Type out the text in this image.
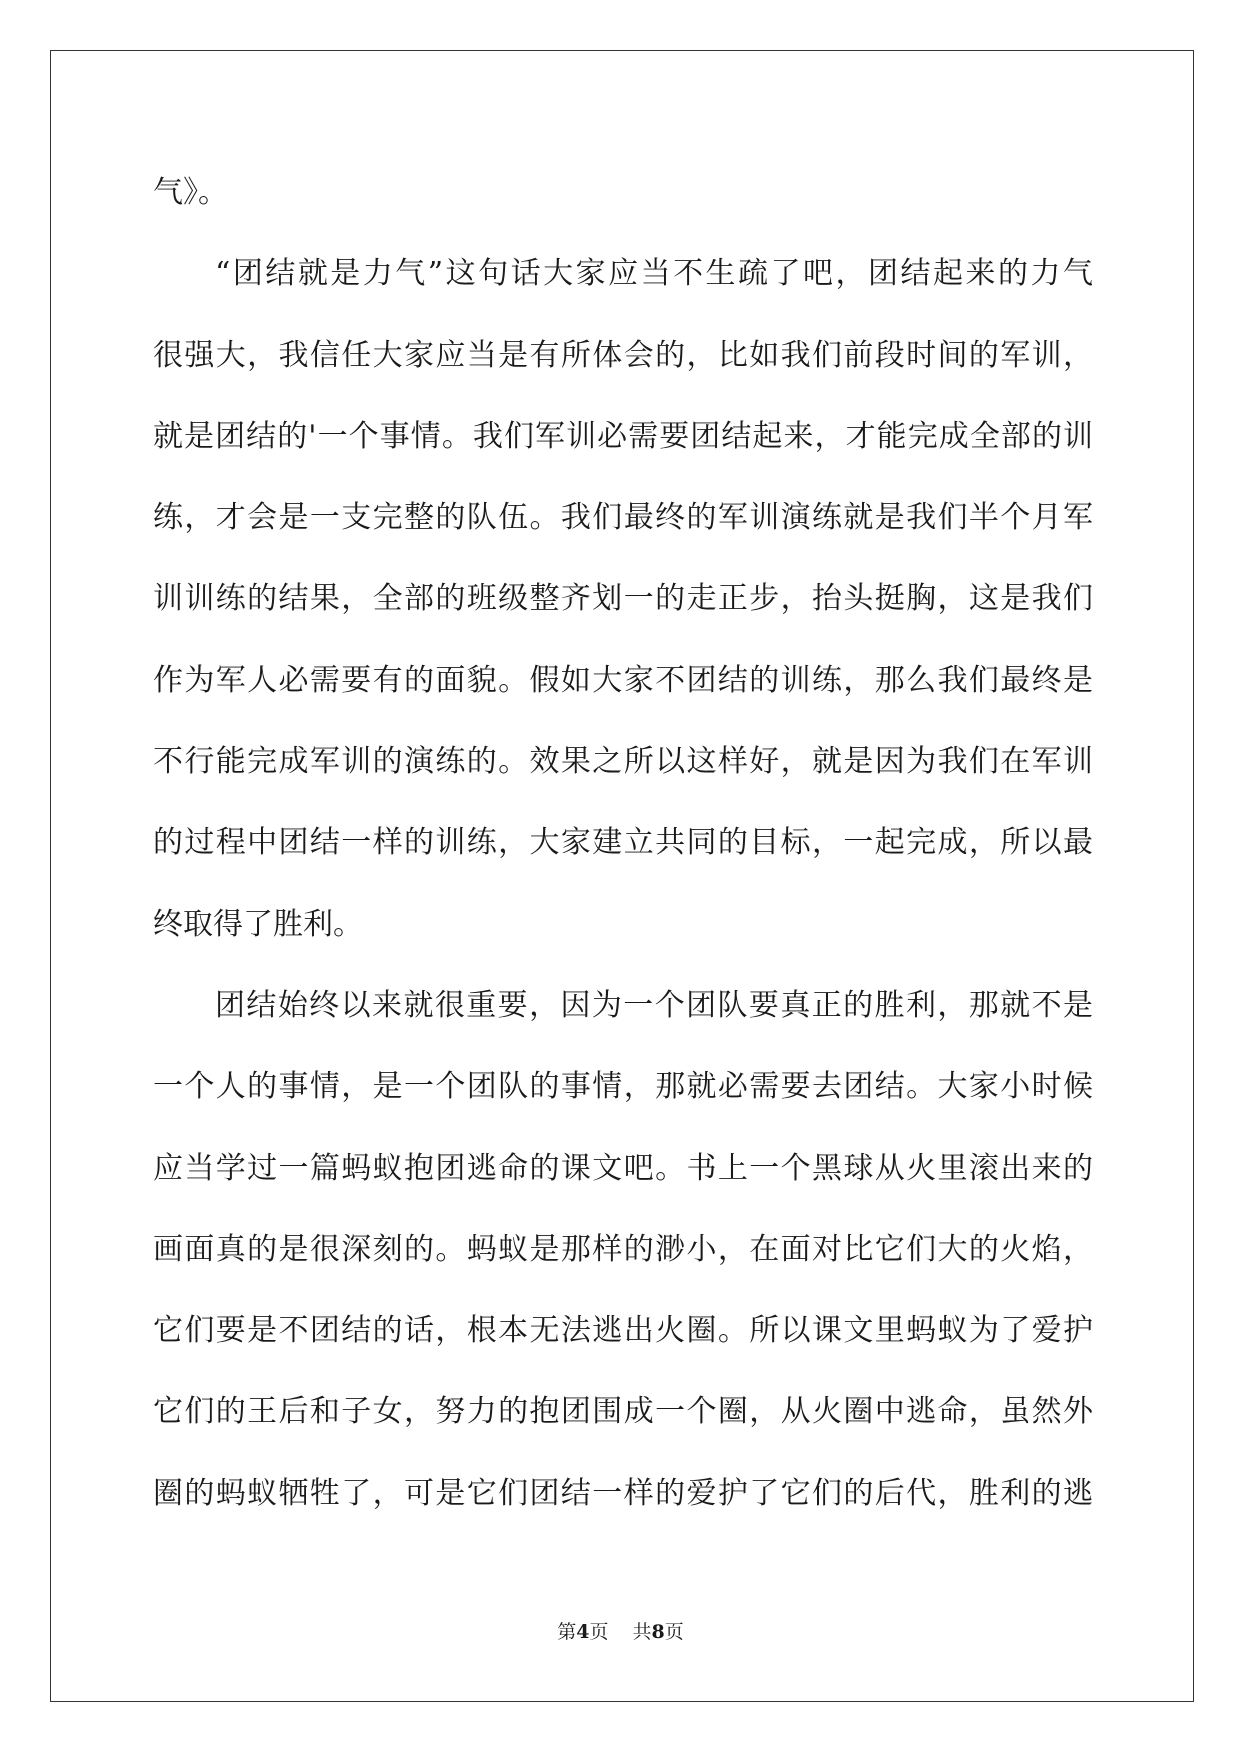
气》。
“团结就是力气”这句话大家应当不生疏了吧，团结起来的力气
很强大，我信任大家应当是有所体会的，比如我们前段时间的军训，
就是团结的'一个事情。我们军训必需要团结起来，才能完成全部的训
练，才会是一支完整的队伍。我们最终的军训演练就是我们半个月军
训训练的结果，全部的班级整齐划一的走正步，抬头挺胸，这是我们
作为军人必需要有的面貌。假如大家不团结的训练，那么我们最终是
不行能完成军训的演练的。效果之所以这样好，就是因为我们在军训
的过程中团结一样的训练，大家建立共同的目标，一起完成，所以最
终取得了胜利。
团结始终以来就很重要，因为一个团队要真正的胜利，那就不是
一个人的事情，是一个团队的事情，那就必需要去团结。大家小时候
应当学过一篇蚂蚁抱团逃命的课文吧。书上一个黑球从火里滚出来的
画面真的是很深刻的。蚂蚁是那样的渺小，在面对比它们大的火焰，
它们要是不团结的话，根本无法逃出火圈。所以课文里蚂蚁为了爱护
它们的王后和子女，努力的抱团围成一个圈，从火圈中逃命，虽然外
圈的蚂蚁牺牲了，可是它们团结一样的爱护了它们的后代，胜利的逃
第4页 共8页
